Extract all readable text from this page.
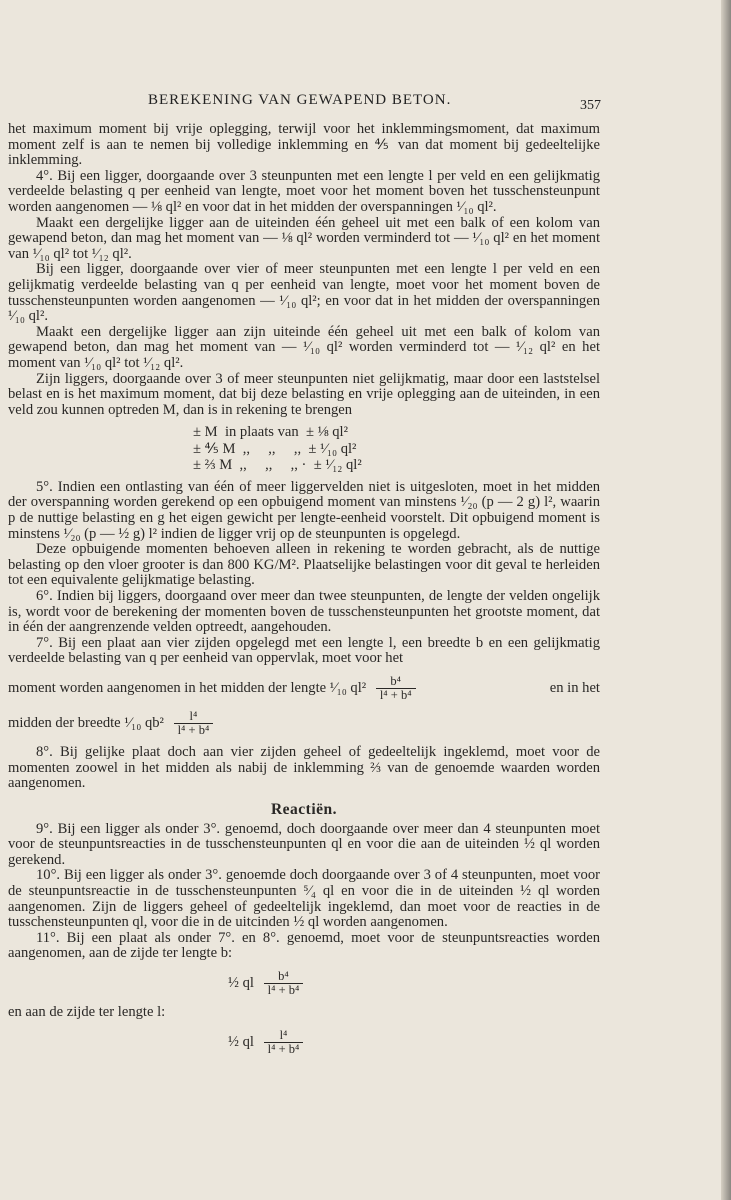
BEREKENING VAN GEWAPEND BETON.	357

het maximum moment bij vrije oplegging, terwijl voor het inklemmingsmoment, dat maximum moment zelf is aan te nemen bij volledige inklemming en ⅘ van dat moment bij gedeeltelijke inklemming.

4°. Bij een ligger, doorgaande over 3 steunpunten met een lengte l per veld en een gelijkmatig verdeelde belasting q per eenheid van lengte, moet voor het moment boven het tusschensteunpunt worden aangenomen — ⅛ ql² en voor dat in het midden der overspanningen ¹⁄₁₀ ql².

Maakt een dergelijke ligger aan de uiteinden één geheel uit met een balk of een kolom van gewapend beton, dan mag het moment van — ⅛ ql² worden verminderd tot — ¹⁄₁₀ ql² en het moment van ¹⁄₁₀ ql² tot ¹⁄₁₂ ql².

Bij een ligger, doorgaande over vier of meer steunpunten met een lengte l per veld en een gelijkmatig verdeelde belasting van q per eenheid van lengte, moet voor het moment boven de tusschensteunpunten worden aangenomen — ¹⁄₁₀ ql²; en voor dat in het midden der overspanningen ¹⁄₁₀ ql².

Maakt een dergelijke ligger aan zijn uiteinde één geheel uit met een balk of kolom van gewapend beton, dan mag het moment van — ¹⁄₁₀ ql² worden verminderd tot — ¹⁄₁₂ ql² en het moment van ¹⁄₁₀ ql² tot ¹⁄₁₂ ql².

Zijn liggers, doorgaande over 3 of meer steunpunten niet gelijkmatig, maar door een laststelsel belast en is het maximum moment, dat bij deze belasting en vrije oplegging aan de uiteinden, in een veld zou kunnen optreden M, dan is in rekening te brengen

± M in plaats van ± ⅛ ql²
± ⅘ M ,,     ,,     ,, ± ¹⁄₁₀ ql²
± ⅔ M ,,     ,,     ,, · ± ¹⁄₁₂ ql²

5°. Indien een ontlasting van één of meer liggervelden niet is uitgesloten, moet in het midden der overspanning worden gerekend op een opbuigend moment van minstens ¹⁄₂₀ (p — 2 g) l², waarin p de nuttige belasting en g het eigen gewicht per lengte-eenheid voorstelt. Dit opbuigend moment is minstens ¹⁄₂₀ (p — ½ g) l² indien de ligger vrij op de steunpunten is opgelegd.

Deze opbuigende momenten behoeven alleen in rekening te worden gebracht, als de nuttige belasting op den vloer grooter is dan 800 KG/M². Plaatselijke belastingen voor dit geval te herleiden tot een equivalente gelijkmatige belasting.

6°. Indien bij liggers, doorgaand over meer dan twee steunpunten, de lengte der velden ongelijk is, wordt voor de berekening der momenten boven de tusschensteunpunten het grootste moment, dat in één der aangrenzende velden optreedt, aangehouden.

7°. Bij een plaat aan vier zijden opgelegd met een lengte l, een breedte b en een gelijkmatig verdeelde belasting van q per eenheid van oppervlak, moet voor het

moment worden aangenomen in het midden der lengte ¹⁄₁₀ $ql^2 \frac{\text{b⁴}}{\text{l⁴ + b⁴}}$	en in het

midden der breedte ¹⁄₁₀ $qb^2 \frac{\text{l⁴}}{\text{l⁴ + b⁴}}$

8°. Bij gelijke plaat doch aan vier zijden geheel of gedeeltelijk ingeklemd, moet voor de momenten zoowel in het midden als nabij de inklemming ⅔ van de genoemde waarden worden aangenomen.

Reactiën.

9°. Bij een ligger als onder 3°. genoemd, doch doorgaande over meer dan 4 steunpunten moet voor de steunpuntsreacties in de tusschensteunpunten ql en voor die aan de uiteinden ½ ql worden gerekend.

10°. Bij een ligger als onder 3°. genoemde doch doorgaande over 3 of 4 steunpunten, moet voor de steunpuntsreactie in de tusschensteunpunten ⁵⁄₄ ql en voor die in de uiteinden ½ ql worden aangenomen. Zijn de liggers geheel of gedeeltelijk ingeklemd, dan moet voor de reacties in de tusschensteunpunten ql, voor die in de uitcinden ½ ql worden aangenomen.

11°. Bij een plaat als onder 7°. en 8°. genoemd, moet voor de steunpuntsreacties worden aangenomen, aan de zijde ter lengte b:

½ ql $\frac{\text{b⁴}}{\text{l⁴ + b⁴}}$

en aan de zijde ter lengte l:

½ ql $\frac{\text{l⁴}}{\text{l⁴ + b⁴}}$
